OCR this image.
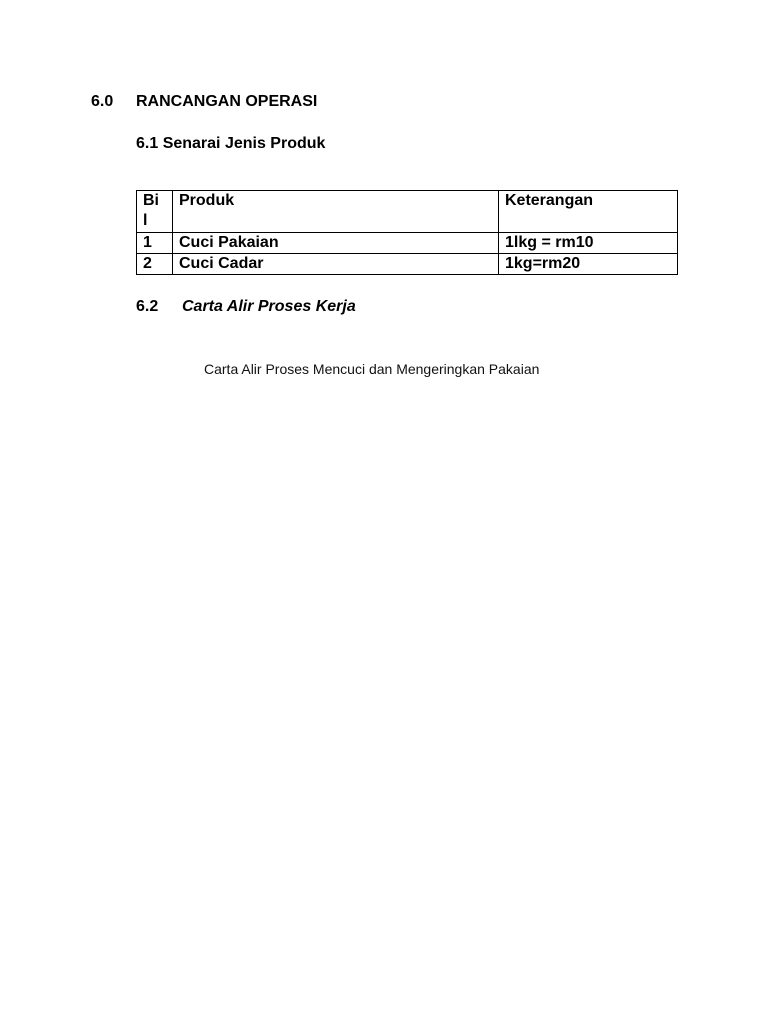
6.0	RANCANGAN OPERASI
6.1 Senarai Jenis Produk
Bi l	Produk	Keterangan
1	Cuci Pakaian	1lkg = rm10
2	Cuci Cadar	1kg=rm20
6.2	Carta Alir Proses Kerja
Carta Alir Proses Mencuci dan Mengeringkan Pakaian
